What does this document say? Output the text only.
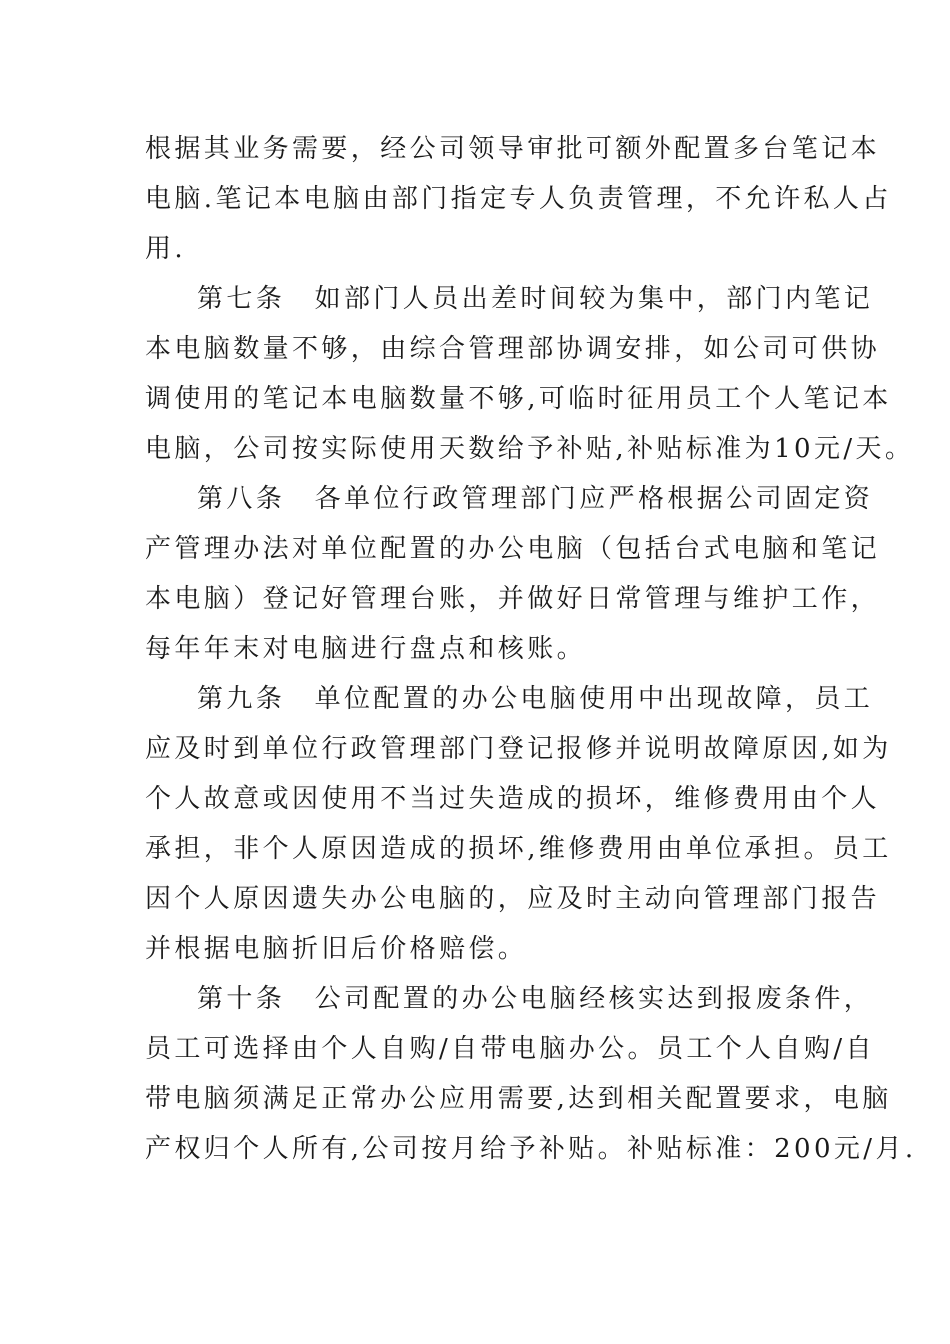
根据其业务需要，经公司领导审批可额外配置多台笔记本
电脑.笔记本电脑由部门指定专人负责管理，不允许私人占
用.
第七条　如部门人员出差时间较为集中，部门内笔记
本电脑数量不够，由综合管理部协调安排，如公司可供协
调使用的笔记本电脑数量不够,可临时征用员工个人笔记本
电脑，公司按实际使用天数给予补贴,补贴标准为10元/天。
第八条　各单位行政管理部门应严格根据公司固定资
产管理办法对单位配置的办公电脑（包括台式电脑和笔记
本电脑）登记好管理台账，并做好日常管理与维护工作，
每年年末对电脑进行盘点和核账。
第九条　单位配置的办公电脑使用中出现故障，员工
应及时到单位行政管理部门登记报修并说明故障原因,如为
个人故意或因使用不当过失造成的损坏，维修费用由个人
承担，非个人原因造成的损坏,维修费用由单位承担。员工
因个人原因遗失办公电脑的，应及时主动向管理部门报告
并根据电脑折旧后价格赔偿。
第十条　公司配置的办公电脑经核实达到报废条件，
员工可选择由个人自购/自带电脑办公。员工个人自购/自
带电脑须满足正常办公应用需要,达到相关配置要求，电脑
产权归个人所有,公司按月给予补贴。补贴标准：200元/月.
